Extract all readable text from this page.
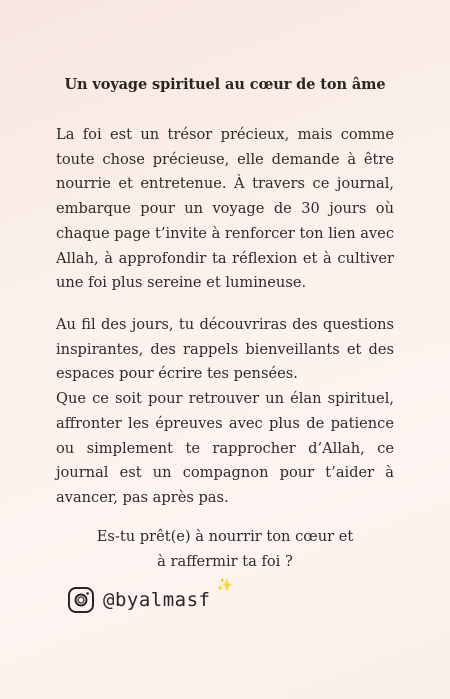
Un voyage spirituel au cœur de ton âme
La foi est un trésor précieux, mais comme
toute chose précieuse, elle demande à être
nourrie et entretenue. À travers ce journal,
embarque pour un voyage de 30 jours où
chaque page t’invite à renforcer ton lien avec
Allah, à approfondir ta réflexion et à cultiver
une foi plus sereine et lumineuse.
Au fil des jours, tu découvriras des questions
inspirantes, des rappels bienveillants et des
espaces pour écrire tes pensées.
Que ce soit pour retrouver un élan spirituel,
affronter les épreuves avec plus de patience
ou simplement te rapprocher d’Allah, ce
journal est un compagnon pour t’aider à
avancer, pas après pas.
Es-tu prêt(e) à nourrir ton cœur et
à raffermir ta foi ?
✨
@byalmasf
